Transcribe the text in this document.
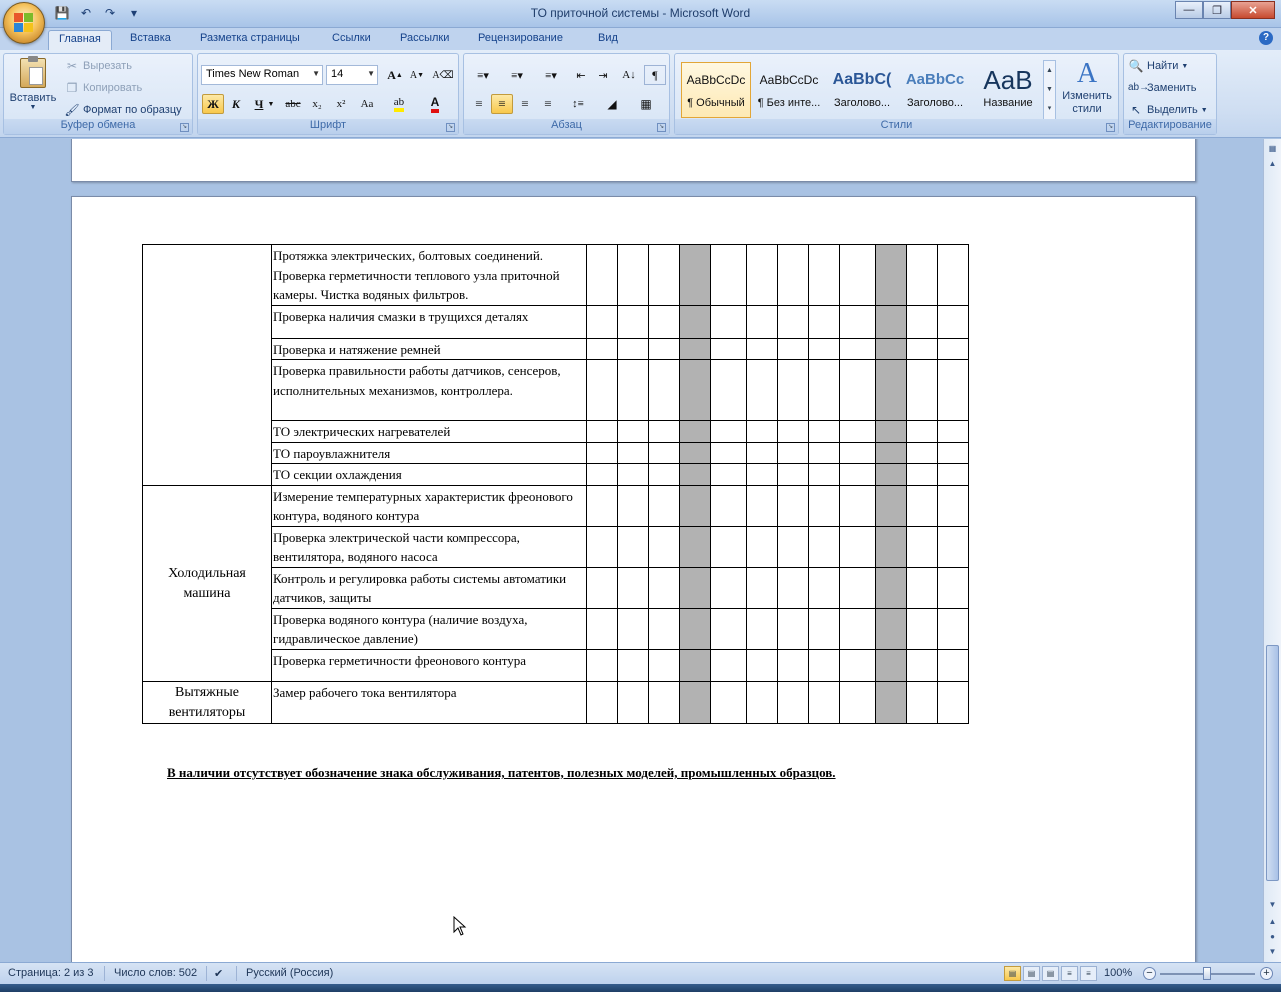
💾 ↶	↷	▾	ТО приточной системы - Microsoft Word	—	❐	✕
Главная	Вставка	Разметка страницы	Ссылки	Рассылки	Рецензирование	Вид	?
Вставить
▼
✂ Вырезать
❐ Копировать
🖌 Формат по образцу
Буфер обмена	↘
Times New Roman ▼	14	▼ A ▲ A ▼ A⌫
Ж	К	Ч ▼ abc	x₂	x²	Aa	ab A
Шрифт	↘
≡▾ ≡▾ ≡▾ ⇤ ⇥ A↓ ¶
≡ ≡ ≡ ≡ ↕≡ ◢ ▦
Абзац	↘
AaBbCcDc
¶ Обычный
AaBbCcDc
¶ Без инте...
AaBbC(
Заголово...
AaBbCc
Заголово...
AaB
Название
▲
▼
▾
A
Изменить стили
Стили	↘
🔍 Найти ▼
ab→
Заменить
↖ Выделить ▼
Редактирование
	Протяжка электрических, болтовых соединений. Проверка герметичности теплового узла приточной камеры. Чистка водяных фильтров.												
	Проверка наличия смазки в трущихся деталях												
	Проверка и натяжение ремней												
	Проверка правильности работы датчиков, сенсеров, исполнительных механизмов, контроллера.												
	ТО электрических нагревателей												
	ТО пароувлажнителя												
	ТО секции охлаждения												
Холодильная машина	Измерение температурных характеристик фреонового контура, водяного контура												
	Проверка электрической части компрессора, вентилятора, водяного насоса												
	Контроль и регулировка работы системы автоматики датчиков, защиты												
	Проверка водяного контура (наличие воздуха, гидравлическое давление)												
	Проверка герметичности фреонового контура												
Вытяжные вентиляторы	Замер рабочего тока вентилятора												
В наличии отсутствует обозначение знака обслуживания, патентов, полезных моделей, промышленных образцов.
▦
▲
▼
▲
●
▼
Страница: 2 из 3 Число слов: 502 ✔ Русский (Россия)	▤	▤	▤	≡	≡	100% −	+
